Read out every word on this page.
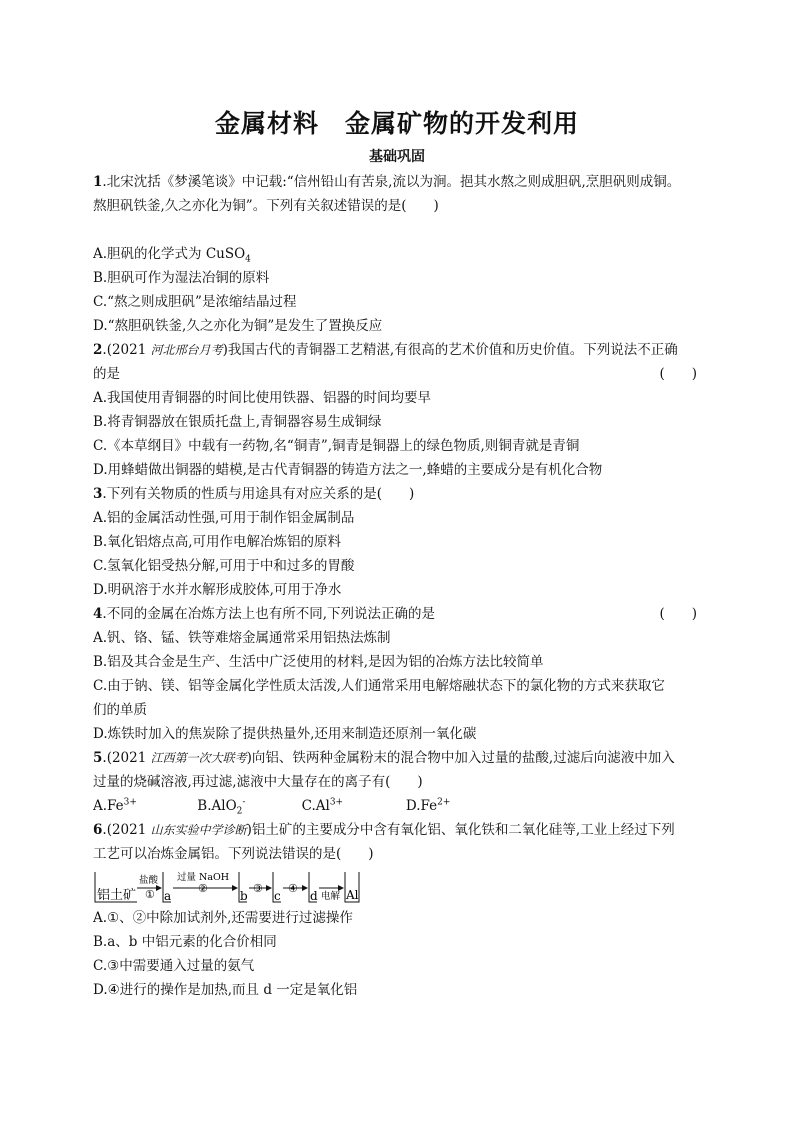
金属材料　金属矿物的开发利用
基础巩固
1.北宋沈括《梦溪笔谈》中记载:“信州铅山有苦泉,流以为涧。挹其水熬之则成胆矾,烹胆矾则成铜。
熬胆矾铁釜,久之亦化为铜”。下列有关叙述错误的是(　　)
A.胆矾的化学式为 CuSO$_4$
B.胆矾可作为湿法冶铜的原料
C.“熬之则成胆矾”是浓缩结晶过程
D.“熬胆矾铁釜,久之亦化为铜”是发生了置换反应
2.(2021 河北邢台月考)我国古代的青铜器工艺精湛,有很高的艺术价值和历史价值。下列说法不正确
的是	(　　)
A.我国使用青铜器的时间比使用铁器、铝器的时间均要早
B.将青铜器放在银质托盘上,青铜器容易生成铜绿
C.《本草纲目》中载有一药物,名“铜青”,铜青是铜器上的绿色物质,则铜青就是青铜
D.用蜂蜡做出铜器的蜡模,是古代青铜器的铸造方法之一,蜂蜡的主要成分是有机化合物
3.下列有关物质的性质与用途具有对应关系的是(　　)
A.铝的金属活动性强,可用于制作铝金属制品
B.氧化铝熔点高,可用作电解冶炼铝的原料
C.氢氧化铝受热分解,可用于中和过多的胃酸
D.明矾溶于水并水解形成胶体,可用于净水
4.不同的金属在冶炼方法上也有所不同,下列说法正确的是	(　　)
A.钒、铬、锰、铁等难熔金属通常采用铝热法炼制
B.铝及其合金是生产、生活中广泛使用的材料,是因为铝的冶炼方法比较简单
C.由于钠、镁、铝等金属化学性质太活泼,人们通常采用电解熔融状态下的氯化物的方式来获取它
们的单质
D.炼铁时加入的焦炭除了提供热量外,还用来制造还原剂一氧化碳
5.(2021 江西第一次大联考)向铝、铁两种金属粉末的混合物中加入过量的盐酸,过滤后向滤液中加入
过量的烧碱溶液,再过滤,滤液中大量存在的离子有(　　)
$A.Fe^{3+}$	B.AlO$_2$-	$C.Al^{3+}$	$D.Fe^{2+}$
6.(2021 山东实验中学诊断)铝土矿的主要成分中含有氧化铝、氧化铁和二氧化硅等,工业上经过下列
工艺可以冶炼金属铝。下列说法错误的是(　　)
铝土矿
盐酸
① a
过量 NaOH
②
b
③
c
④
d 电解 Al
A.①、②中除加试剂外,还需要进行过滤操作
B.a、b 中铝元素的化合价相同
C.③中需要通入过量的氨气
D.④进行的操作是加热,而且 d 一定是氧化铝
